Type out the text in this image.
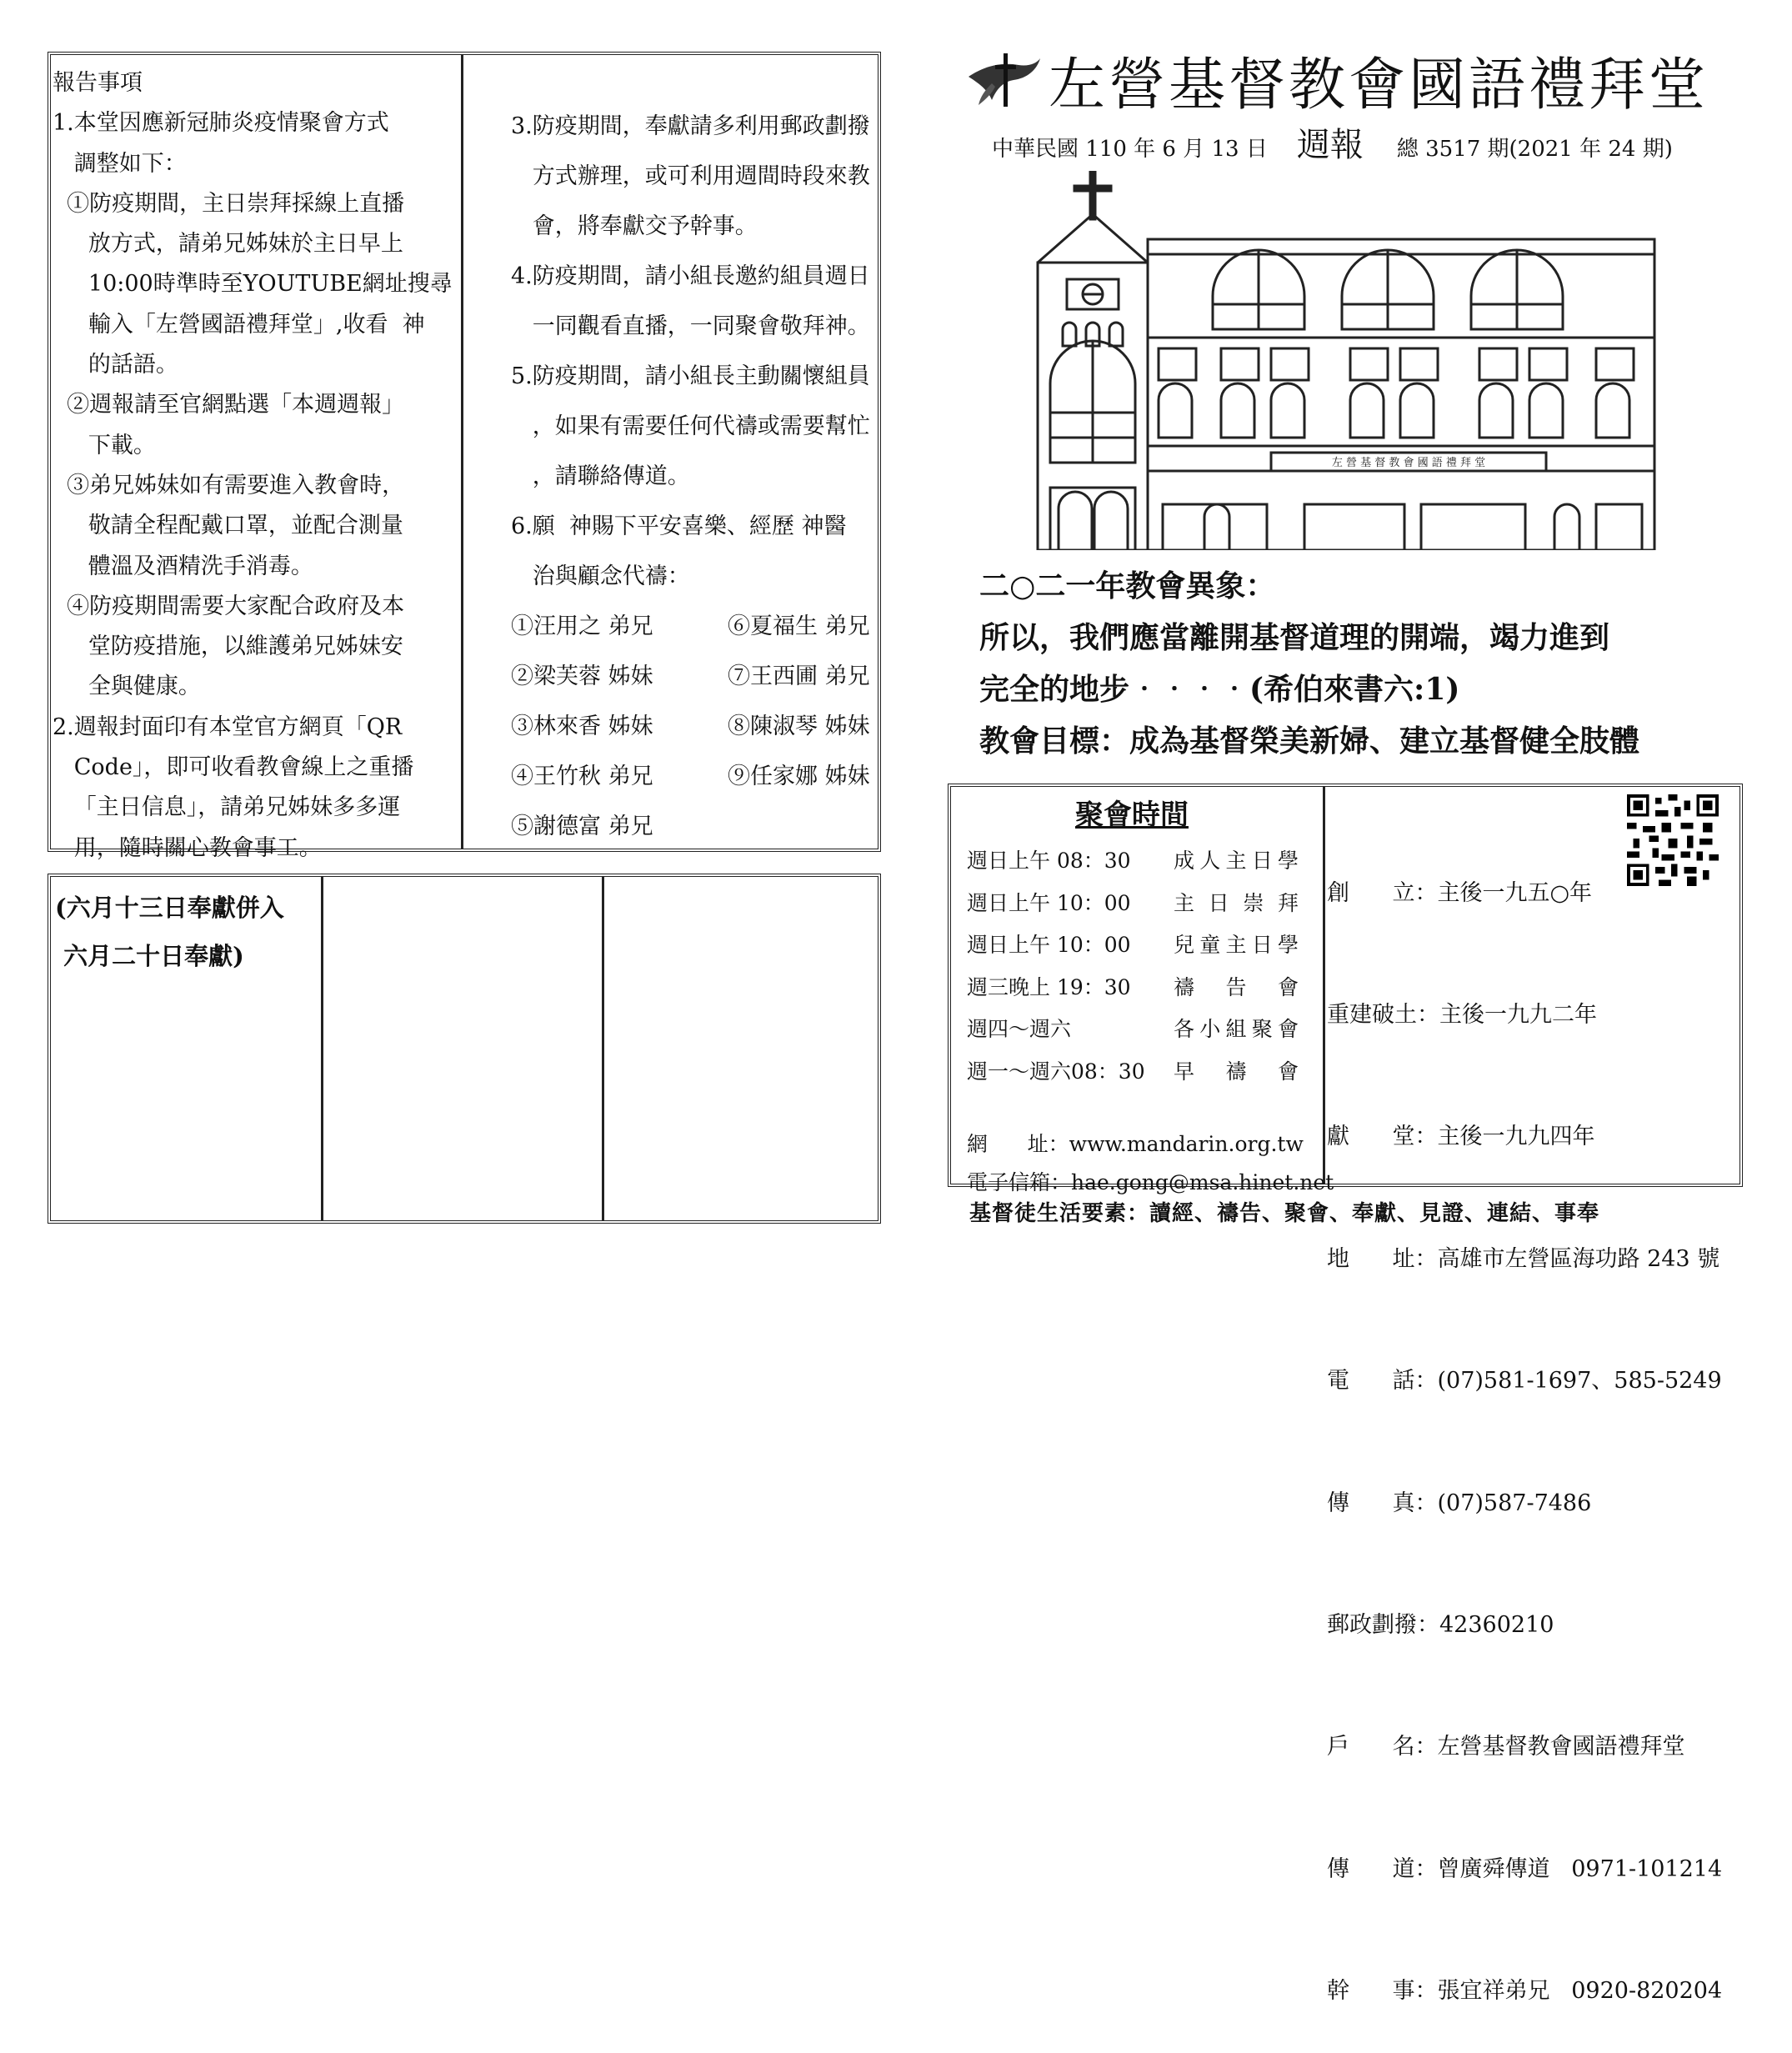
報告事項
1.本堂因應新冠肺炎疫情聚會方式
調整如下：
①防疫期間，主日崇拜採線上直播
放方式，請弟兄姊妹於主日早上
10:00時準時至YOUTUBE網址搜尋
輸入「左營國語禮拜堂」,收看  神
的話語。
②週報請至官網點選「本週週報」
下載。
③弟兄姊妹如有需要進入教會時，
敬請全程配戴口罩，並配合測量
體溫及酒精洗手消毒。
④防疫期間需要大家配合政府及本
堂防疫措施，以維護弟兄姊妹安
全與健康。
2.週報封面印有本堂官方網頁「QR
Code」，即可收看教會線上之重播
「主日信息」，請弟兄姊妹多多運
用，隨時關心教會事工。
3.防疫期間，奉獻請多利用郵政劃撥
方式辦理，或可利用週間時段來教
會，將奉獻交予幹事。
4.防疫期間，請小組長邀約組員週日
一同觀看直播，一同聚會敬拜神。
5.防疫期間，請小組長主動關懷組員
，如果有需要任何代禱或需要幫忙
，請聯絡傳道。
6.願  神賜下平安喜樂、經歷 神醫
治與顧念代禱：
①汪用之 弟兄	⑥夏福生 弟兄
②梁芙蓉 姊妹	⑦王西圃 弟兄
③林來香 姊妹	⑧陳淑琴 姊妹
④王竹秋 弟兄	⑨任家娜 姊妹
⑤謝德富 弟兄
(六月十三日奉獻併入
六月二十日奉獻)
左營基督教會國語禮拜堂
中華民國 110 年 6 月 13 日 週報 總 3517 期(2021 年 24 期)
左 營 基 督 教 會 國 語 禮 拜 堂
二○二一年教會異象：
所以，我們應當離開基督道理的開端，竭力進到
完全的地步‧‧‧‧(希伯來書六:1)
教會目標：成為基督榮美新婦、建立基督健全肢體
聚會時間
週日上午 08：30	成人主日學
週日上午 10：00	主日崇拜
週日上午 10：00	兒童主日學
週三晚上 19：30	禱告會
週四～週六	各小組聚會
週一～週六08：30	早禱會
網      址：www.mandarin.org.tw
電子信箱：hae.gong@msa.hinet.net

創      立：主後一九五○年

重建破土：主後一九九二年

獻      堂：主後一九九四年

地      址：高雄市左營區海功路 243 號

電      話：(07)581-1697、585-5249

傳      真：(07)587-7486

郵政劃撥：42360210

戶      名：左營基督教會國語禮拜堂

傳      道：曾廣舜傳道   0971-101214

幹      事：張宜祥弟兄   0920-820204

基督徒生活要素：讀經、禱告、聚會、奉獻、見證、連結、事奉
